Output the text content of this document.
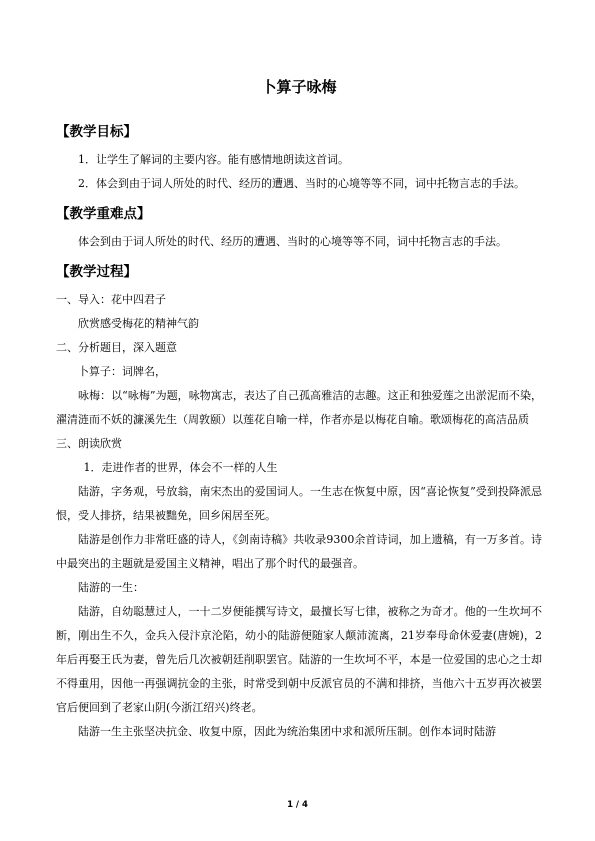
卜算子咏梅
【教学目标】

1．让学生了解词的主要内容。能有感情地朗读这首词。

2．体会到由于词人所处的时代、经历的遭遇、当时的心境等等不同，词中托物言志的手法。

【教学重难点】

体会到由于词人所处的时代、经历的遭遇、当时的心境等等不同，词中托物言志的手法。

【教学过程】

一、导入：花中四君子

欣赏感受梅花的精神气韵

二、分析题目，深入题意

卜算子：词牌名，

咏梅：以“咏梅”为题，咏物寓志，表达了自己孤高雅洁的志趣。这正和独爱莲之出淤泥而不染，濯清涟而不妖的濂溪先生（周敦颐）以莲花自喻一样，作者亦是以梅花自喻。歌颂梅花的高洁品质

三、朗读欣赏

1．走进作者的世界，体会不一样的人生

陆游，字务观，号放翁，南宋杰出的爱国词人。一生志在恢复中原，因“喜论恢复”受到投降派忌恨，受人排挤，结果被黜免，回乡闲居至死。

陆游是创作力非常旺盛的诗人，《剑南诗稿》共收录9300余首诗词，加上遗稿，有一万多首。诗中最突出的主题就是爱国主义精神，唱出了那个时代的最强音。

陆游的一生：

陆游，自幼聪慧过人，一十二岁便能撰写诗文，最擅长写七律，被称之为奇才。他的一生坎坷不断，刚出生不久，金兵入侵汴京沦陷，幼小的陆游便随家人颠沛流离，21岁奉母命休爱妻(唐婉)，2年后再娶王氏为妻，曾先后几次被朝廷削职罢官。陆游的一生坎坷不平，本是一位爱国的忠心之士却不得重用，因他一再强调抗金的主张，时常受到朝中反派官员的不满和排挤，当他六十五岁再次被罢官后便回到了老家山阴(今浙江绍兴)终老。

陆游一生主张坚决抗金、收复中原，因此为统治集团中求和派所压制。创作本词时陆游

1 / 4
